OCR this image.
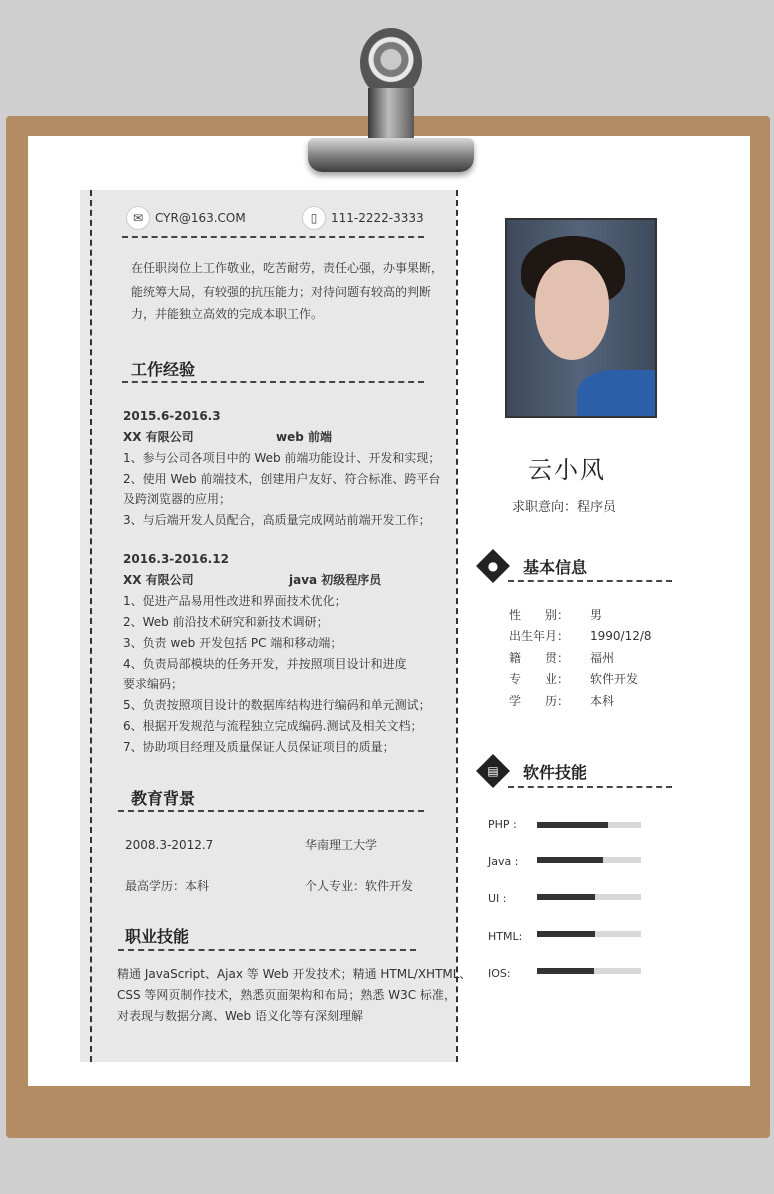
✉ CYR@163.COM	▯	111-2222-3333
在任职岗位上工作敬业，吃苦耐劳，责任心强，办事果断，
能统筹大局，有较强的抗压能力；对待问题有较高的判断
力，并能独立高效的完成本职工作。
工作经验
2015.6-2016.3
XX 有限公司	web 前端
1、参与公司各项目中的 Web 前端功能设计、开发和实现；
2、使用 Web 前端技术，创建用户友好、符合标准、跨平台
及跨浏览器的应用；
3、与后端开发人员配合，高质量完成网站前端开发工作；
2016.3-2016.12
XX 有限公司	java 初级程序员
1、促进产品易用性改进和界面技术优化；
2、Web 前沿技术研究和新技术调研；
3、负责 web 开发包括 PC 端和移动端；
4、负责局部模块的任务开发，并按照项目设计和进度
要求编码；
5、负责按照项目设计的数据库结构进行编码和单元测试；
6、根据开发规范与流程独立完成编码.测试及相关文档；
7、协助项目经理及质量保证人员保证项目的质量；
教育背景
2008.3-2012.7	华南理工大学
最高学历：本科	个人专业：软件开发
职业技能
精通 JavaScript、Ajax 等 Web 开发技术；精通 HTML/XHTML、
CSS 等网页制作技术，熟悉页面架构和布局；熟悉 W3C 标准，
对表现与数据分离、Web 语义化等有深刻理解
云小风
求职意向：程序员
●	基本信息
性　　别： 男
出生年月： 1990/12/8
籍　　贯： 福州
专　　业： 软件开发
学　　历： 本科
▤	软件技能
PHP :
Java :
UI :
HTML:
IOS:
